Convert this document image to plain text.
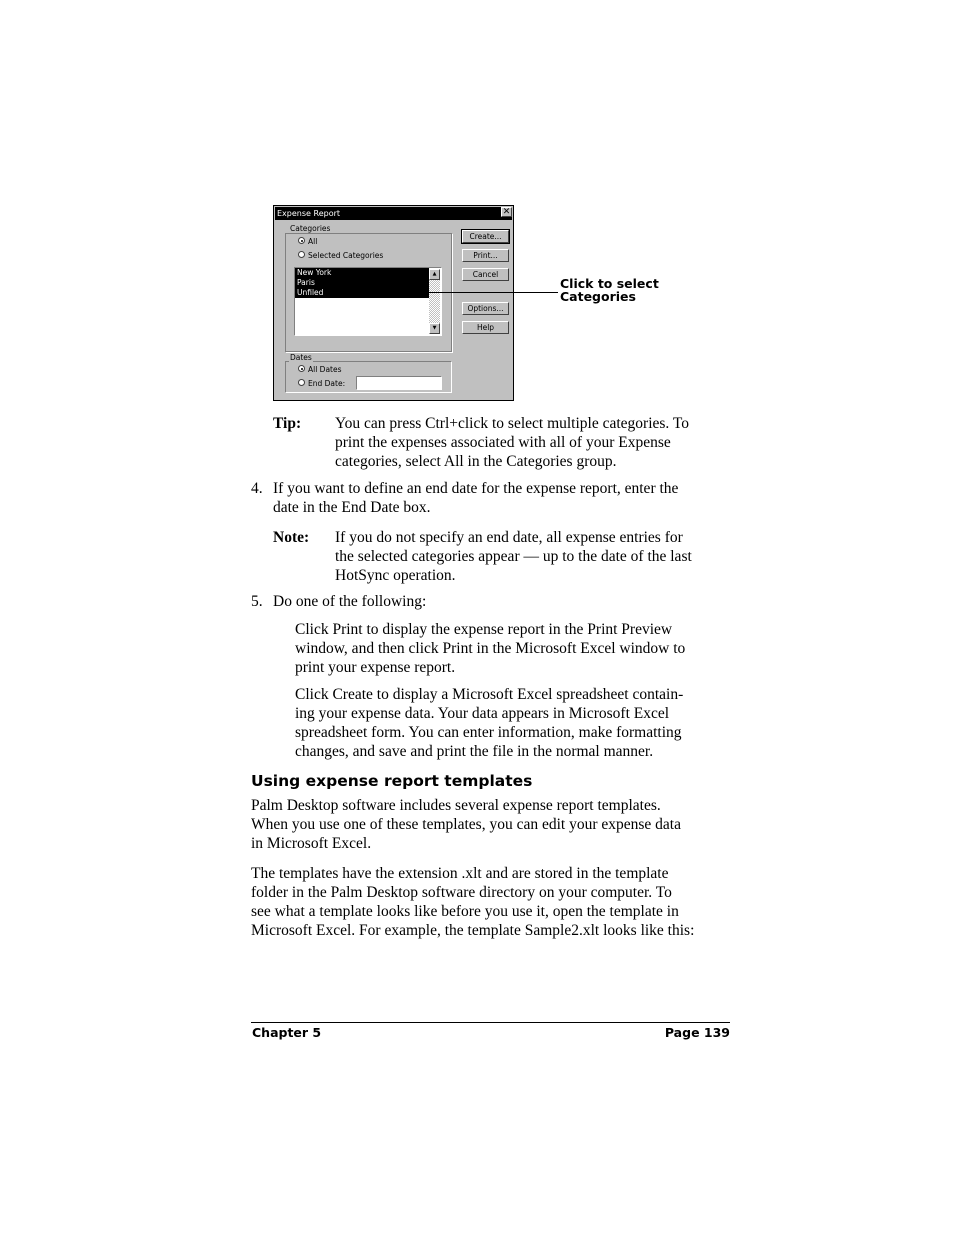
Expense Report	✕
Categories
All
Selected Categories
New York
Paris
Unfiled
▲
▼
Create...
Print...
Cancel
Options...
Help
Dates
All Dates
End Date:
Click to select
Categories
Tip: You can press Ctrl+click to select multiple categories. To
print the expenses associated with all of your Expense
categories, select All in the Categories group.
4. If you want to define an end date for the expense report, enter the
date in the End Date box.
Note: If you do not specify an end date, all expense entries for
the selected categories appear — up to the date of the last
HotSync operation.
5. Do one of the following:
Click Print to display the expense report in the Print Preview
window, and then click Print in the Microsoft Excel window to
print your expense report.
Click Create to display a Microsoft Excel spreadsheet contain-
ing your expense data. Your data appears in Microsoft Excel
spreadsheet form. You can enter information, make formatting
changes, and save and print the file in the normal manner.
Using expense report templates
Palm Desktop software includes several expense report templates.
When you use one of these templates, you can edit your expense data
in Microsoft Excel.
The templates have the extension .xlt and are stored in the template
folder in the Palm Desktop software directory on your computer. To
see what a template looks like before you use it, open the template in
Microsoft Excel. For example, the template Sample2.xlt looks like this:
Chapter 5	Page 139
